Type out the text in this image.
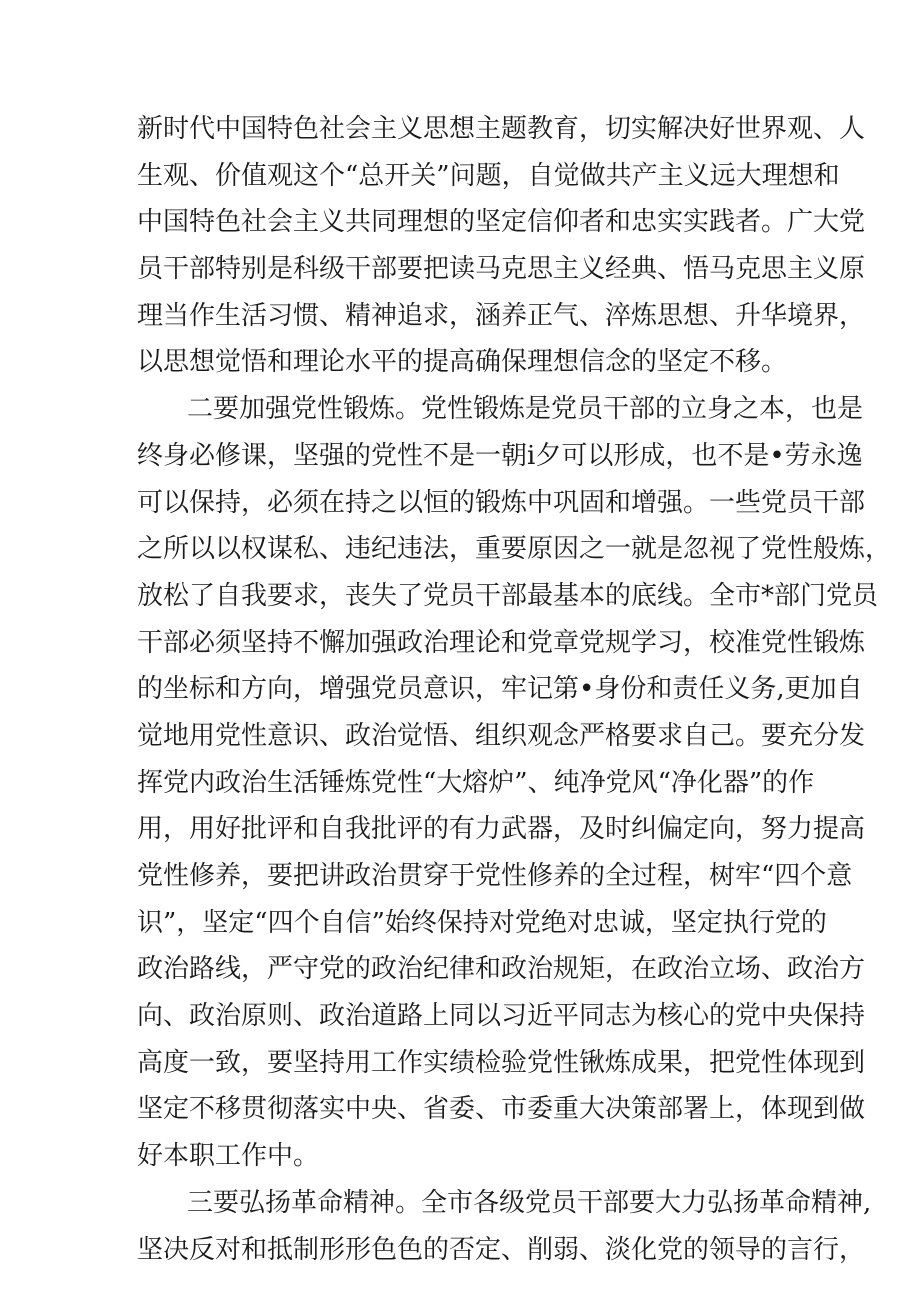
新时代中国特色社会主义思想主题教育，切实解决好世界观、人
生观、价值观这个“总开关”问题，自觉做共产主义远大理想和
中国特色社会主义共同理想的坚定信仰者和忠实实践者。广大党
员干部特别是科级干部要把读马克思主义经典、悟马克思主义原
理当作生活习惯、精神追求，涵养正气、淬炼思想、升华境界，
以思想觉悟和理论水平的提高确保理想信念的坚定不移。
二要加强党性锻炼。党性锻炼是党员干部的立身之本，也是
终身必修课，坚强的党性不是一朝i夕可以形成，也不是•劳永逸
可以保持，必须在持之以恒的锻炼中巩固和增强。一些党员干部
之所以以权谋私、违纪违法，重要原因之一就是忽视了党性般炼，
放松了自我要求，丧失了党员干部最基本的底线。全市*部门党员
干部必须坚持不懈加强政治理论和党章党规学习，校准党性锻炼
的坐标和方向，增强党员意识，牢记第•身份和责任义务,更加自
觉地用党性意识、政治觉悟、组织观念严格要求自己。要充分发
挥党内政治生活锤炼党性“大熔炉”、纯净党风“净化器”的作
用，用好批评和自我批评的有力武器，及时纠偏定向，努力提高
党性修养，要把讲政治贯穿于党性修养的全过程，树牢“四个意
识”，坚定“四个自信”始终保持对党绝对忠诚，坚定执行党的
政治路线，严守党的政治纪律和政治规矩，在政治立场、政治方
向、政治原则、政治道路上同以习近平同志为核心的党中央保持
高度一致，要坚持用工作实绩检验党性锹炼成果，把党性体现到
坚定不移贯彻落实中央、省委、市委重大决策部署上，体现到做
好本职工作中。
三要弘扬革命精神。全市各级党员干部要大力弘扬革命精神,
坚决反对和抵制形形色色的否定、削弱、淡化党的领导的言行，
